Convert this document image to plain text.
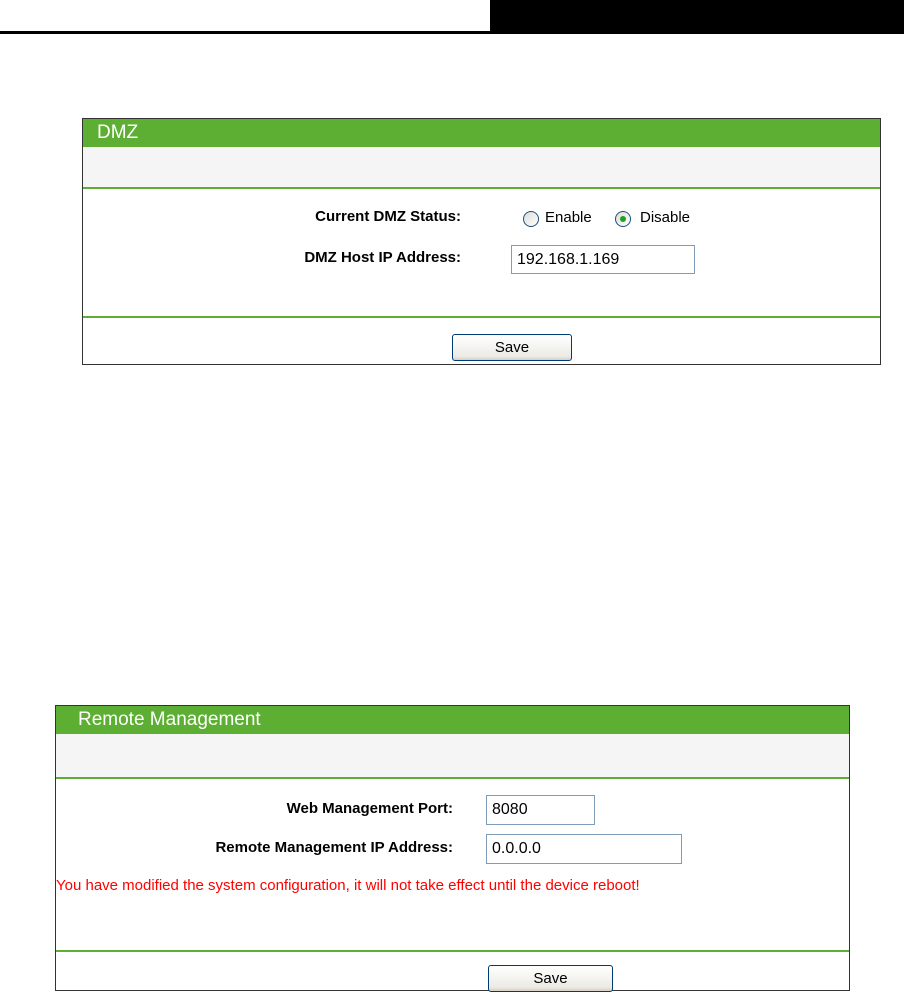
DMZ
Current DMZ Status:	Enable	Disable
DMZ Host IP Address:
192.168.1.169
Save
Remote Management
Web Management Port:
8080
Remote Management IP Address:
0.0.0.0
You have modified the system configuration, it will not take effect until the device reboot!
Save
